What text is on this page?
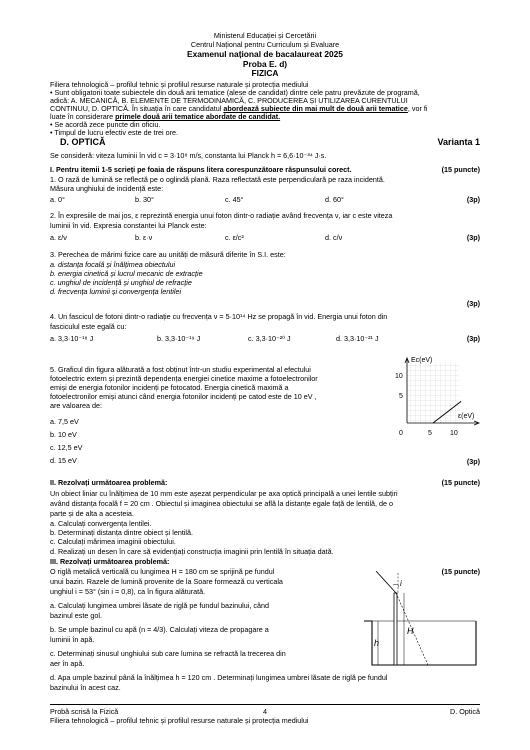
Ministerul Educației și Cercetării
Centrul Național pentru Curriculum și Evaluare
Examenul național de bacalaureat 2025
Proba E. d)
FIZICA
Filiera tehnologică – profilul tehnic și profilul resurse naturale și protecția mediului
• Sunt obligatorii toate subiectele din două arii tematice (alese de candidat) dintre cele patru prevăzute de programă,
adică: A. MECANICĂ, B. ELEMENTE DE TERMODINAMICĂ, C. PRODUCEREA ȘI UTILIZAREA CURENTULUI
CONTINUU, D. OPTICĂ. În situația în care candidatul abordează subiecte din mai mult de două arii tematice, vor fi
luate în considerare primele două arii tematice abordate de candidat.
• Se acordă zece puncte din oficiu.
• Timpul de lucru efectiv este de trei ore.
D. OPTICĂ	Varianta 1
Se consideră: viteza luminii în vid c = 3·10⁸ m/s, constanta lui Planck h = 6,6·10⁻³⁴ J·s.
I. Pentru itemii 1-5 scrieți pe foaia de răspuns litera corespunzătoare răspunsului corect.	(15 puncte)
1. O rază de lumină se reflectă pe o oglindă plană. Raza reflectată este perpendiculară pe raza incidentă.
Măsura unghiului de incidență este:
a. 0°	b. 30°	c. 45°	d. 60°	(3p)
2. În expresiile de mai jos, ε reprezintă energia unui foton dintr-o radiație având frecvența ν, iar c este viteza
luminii în vid. Expresia constantei lui Planck este:
a. ε/ν	b. ε·ν	c. ε/c²	d. c/ν	(3p)
3. Perechea de mărimi fizice care au unități de măsură diferite în S.I. este:
a. distanța focală și înălțimea obiectului
b. energia cinetică și lucrul mecanic de extracție
c. unghiul de incidență și unghiul de refracție
d. frecvența luminii și convergența lentilei
(3p)
4. Un fascicul de fotoni dintr-o radiație cu frecvența ν = 5·10¹⁴ Hz se propagă în vid. Energia unui foton din
fasciculul este egală cu:
a. 3,3·10⁻¹⁸ J	b. 3,3·10⁻¹⁹ J	c. 3,3·10⁻²⁰ J	d. 3,3·10⁻²¹ J	(3p)
5. Graficul din figura alăturată a fost obținut într-un studiu experimental al efectului
fotoelectric extern și prezintă dependența energiei cinetice maxime a fotoelectronilor
emiși de energia fotonilor incidenți pe fotocatod. Energia cinetică maximă a
fotoelectronilor emiși atunci când energia fotonilor incidenți pe catod este de 10 eV ,
are valoarea de:
a. 7,5 eV
b. 10 eV
c. 12,5 eV
d. 15 eV	(3p)
Ec(eV)
ε(eV)
10
5
0	5	10
II. Rezolvați următoarea problemă:	(15 puncte)
Un obiect liniar cu înălțimea de 10 mm este așezat perpendicular pe axa optică principală a unei lentile subțiri
având distanța focală f = 20 cm . Obiectul și imaginea obiectului se află la distanțe egale față de lentilă, de o
parte și de alta a acesteia.
a. Calculați convergența lentilei.
b. Determinați distanța dintre obiect și lentilă.
c. Calculați mărimea imaginii obiectului.
d. Realizați un desen în care să evidențiați construcția imaginii prin lentilă în situația dată.
III. Rezolvați următoarea problemă:
(15 puncte)
O riglă metalică verticală cu lungimea H = 180 cm se sprijină pe fundul
unui bazin. Razele de lumină provenite de la Soare formează cu verticala
unghiul i = 53° (sin i = 0,8), ca în figura alăturată.
a. Calculați lungimea umbrei lăsate de riglă pe fundul bazinului, când
bazinul este gol.
b. Se umple bazinul cu apă (n = 4/3). Calculați viteza de propagare a
luminii în apă.
c. Determinați sinusul unghiului sub care lumina se refractă la trecerea din
aer în apă.
d. Apa umple bazinul până la înălțimea h = 120 cm . Determinați lungimea umbrei lăsate de riglă pe fundul
bazinului în acest caz.
i
h
H
Probă scrisă la Fizică	4	D. Optică
Filiera tehnologică – profilul tehnic și profilul resurse naturale și protecția mediului
